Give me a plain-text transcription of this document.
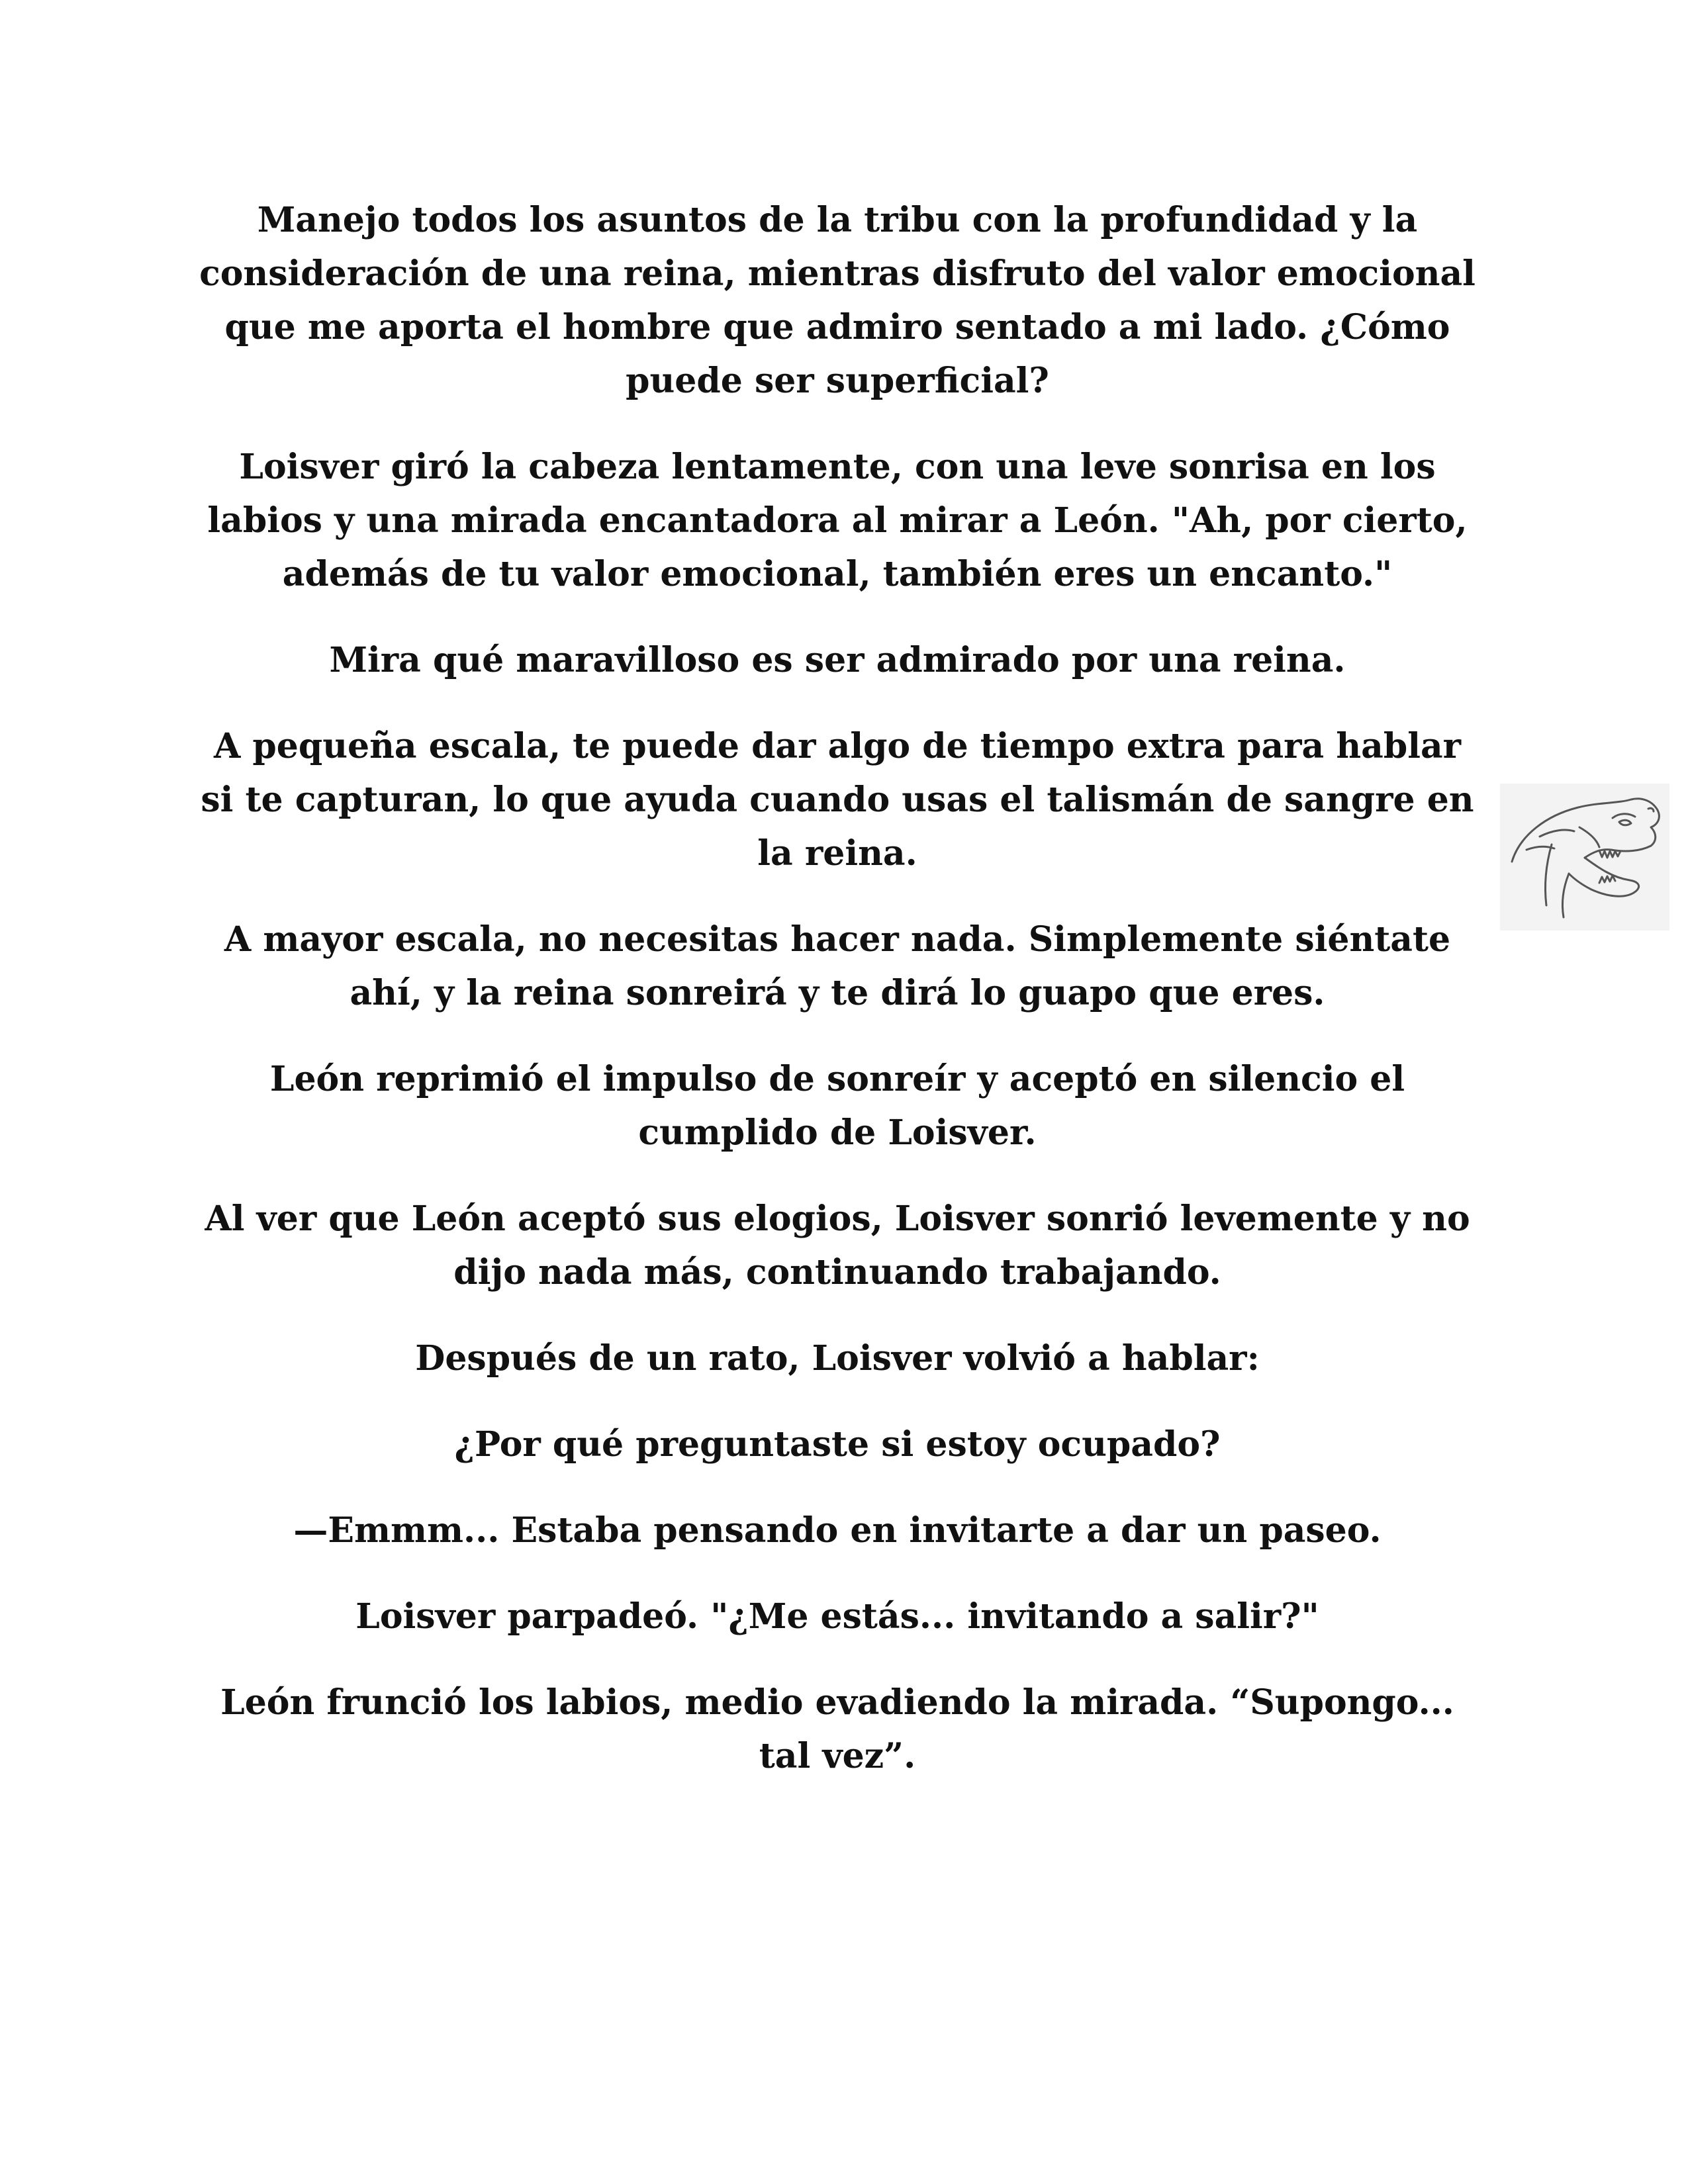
Manejo todos los asuntos de la tribu con la profundidad y la consideración de una reina, mientras disfruto del valor emocional que me aporta el hombre que admiro sentado a mi lado. ¿Cómo puede ser superficial?

Loisver giró la cabeza lentamente, con una leve sonrisa en los labios y una mirada encantadora al mirar a León. "Ah, por cierto, además de tu valor emocional, también eres un encanto."

Mira qué maravilloso es ser admirado por una reina.

A pequeña escala, te puede dar algo de tiempo extra para hablar si te capturan, lo que ayuda cuando usas el talismán de sangre en la reina.

A mayor escala, no necesitas hacer nada. Simplemente siéntate ahí, y la reina sonreirá y te dirá lo guapo que eres.

León reprimió el impulso de sonreír y aceptó en silencio el cumplido de Loisver.

Al ver que León aceptó sus elogios, Loisver sonrió levemente y no dijo nada más, continuando trabajando.

Después de un rato, Loisver volvió a hablar:

¿Por qué preguntaste si estoy ocupado?

—Emmm... Estaba pensando en invitarte a dar un paseo.

Loisver parpadeó. "¿Me estás... invitando a salir?"

León frunció los labios, medio evadiendo la mirada. “Supongo... tal vez”.
